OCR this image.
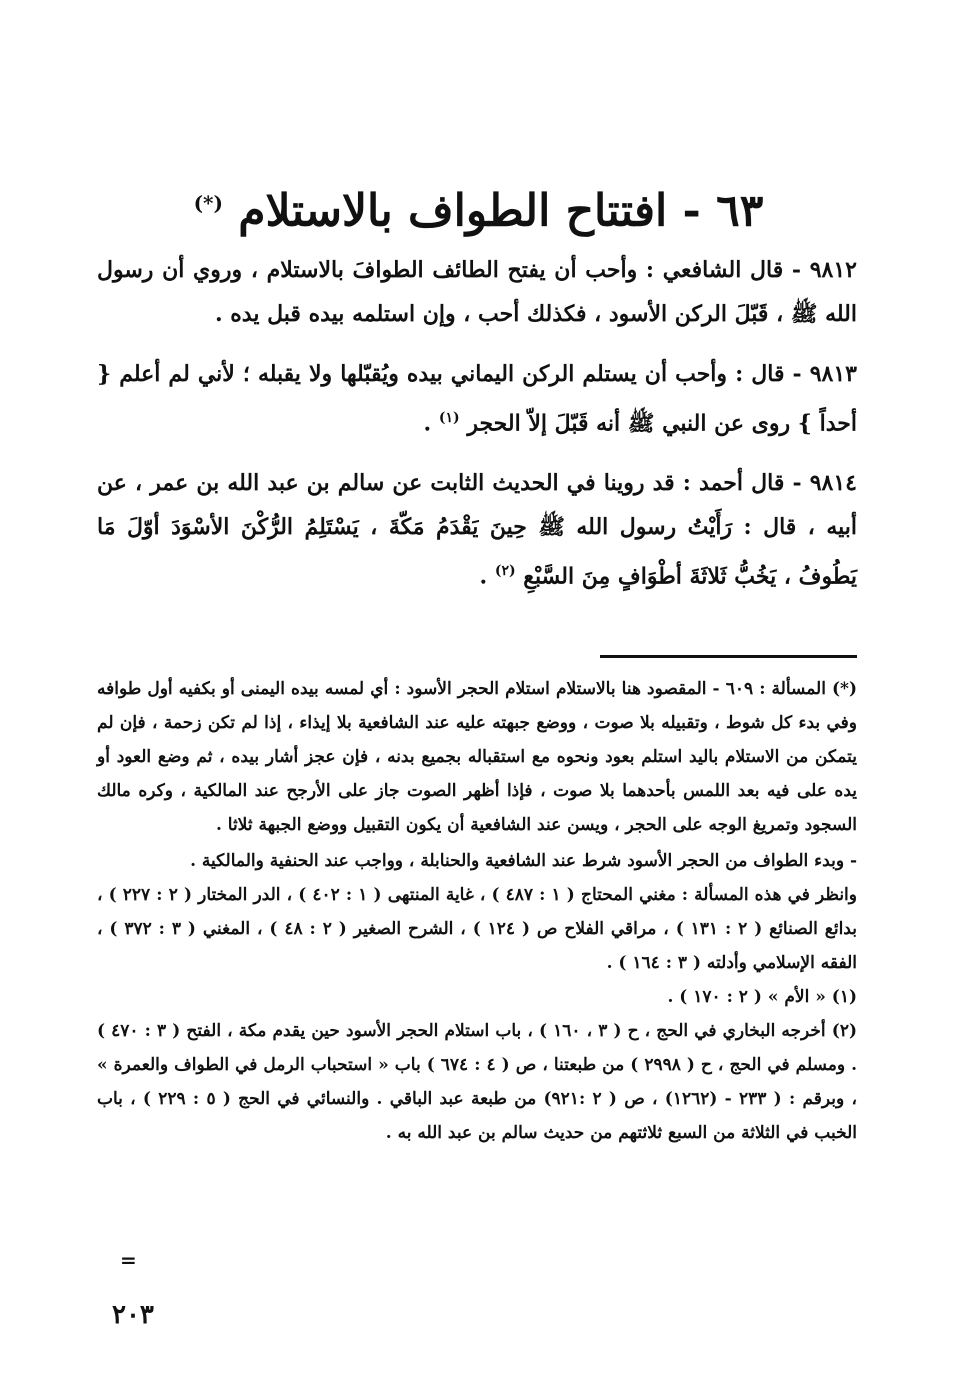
٦٣ - افتتاح الطواف بالاستلام (*)

٩٨١٢ - قال الشافعي : وأحب أن يفتح الطائف الطوافَ بالاستلام ، وروي أن رسول الله ﷺ ، قَبّلَ الركن الأسود ، فكذلك أحب ، وإن استلمه بيده قبل يده .

٩٨١٣ - قال : وأحب أن يستلم الركن اليماني بيده ويُقبّلها ولا يقبله ؛ لأني لم أعلم { أحداً } روى عن النبي ﷺ أنه قَبّلَ إلاّ الحجر $^{(١)}$ .

٩٨١٤ - قال أحمد : قد روينا في الحديث الثابت عن سالم بن عبد الله بن عمر ، عن أبيه ، قال : رَأَيْتُ رسول الله ﷺ حِينَ يَقْدَمُ مَكّةَ ، يَسْتَلِمُ الرُّكْنَ الأسْوَدَ أوّلَ مَا يَطُوفُ ، يَخُبُّ ثَلاثَةَ أطْوَافٍ مِنَ السَّبْعِ $^{(٢)}$ .

(*) المسألة : ٦٠٩ - المقصود هنا بالاستلام استلام الحجر الأسود : أي لمسه بيده اليمنى أو بكفيه أول طوافه وفي بدء كل شوط ، وتقبيله بلا صوت ، ووضع جبهته عليه عند الشافعية بلا إيذاء ، إذا لم تكن زحمة ، فإن لم يتمكن من الاستلام باليد استلم بعود ونحوه مع استقباله بجميع بدنه ، فإن عجز أشار بيده ، ثم وضع العود أو يده على فيه بعد اللمس بأحدهما بلا صوت ، فإذا أظهر الصوت جاز على الأرجح عند المالكية ، وكره مالك السجود وتمريغ الوجه على الحجر ، ويسن عند الشافعية أن يكون التقبيل ووضع الجبهة ثلاثا .

- وبدء الطواف من الحجر الأسود شرط عند الشافعية والحنابلة ، وواجب عند الحنفية والمالكية .

وانظر في هذه المسألة : مغني المحتاج ( ١ : ٤٨٧ ) ، غاية المنتهى ( ١ : ٤٠٢ ) ، الدر المختار ( ٢ : ٢٢٧ ) ، بدائع الصنائع ( ٢ : ١٣١ ) ، مراقي الفلاح ص ( ١٢٤ ) ، الشرح الصغير ( ٢ : ٤٨ ) ، المغني ( ٣ : ٣٧٢ ) ، الفقه الإسلامي وأدلته ( ٣ : ١٦٤ ) .

(١) « الأم » ( ٢ : ١٧٠ ) .

(٢) أخرجه البخاري في الحج ، ح ( ٣ ، ١٦٠ ) ، باب استلام الحجر الأسود حين يقدم مكة ، الفتح ( ٣ : ٤٧٠ ) . ومسلم في الحج ، ح ( ٢٩٩٨ ) من طبعتنا ، ص ( ٤ : ٦٧٤ ) باب « استحباب الرمل في الطواف والعمرة » ، وبرقم : ( ٢٣٣ - (١٢٦٢) ، ص ( ٢ :٩٢١) من طبعة عبد الباقي . والنسائي في الحج ( ٥ : ٢٢٩ ) ، باب الخبب في الثلاثة من السبع ثلاثتهم من حديث سالم بن عبد الله به .

=
٢٠٣
